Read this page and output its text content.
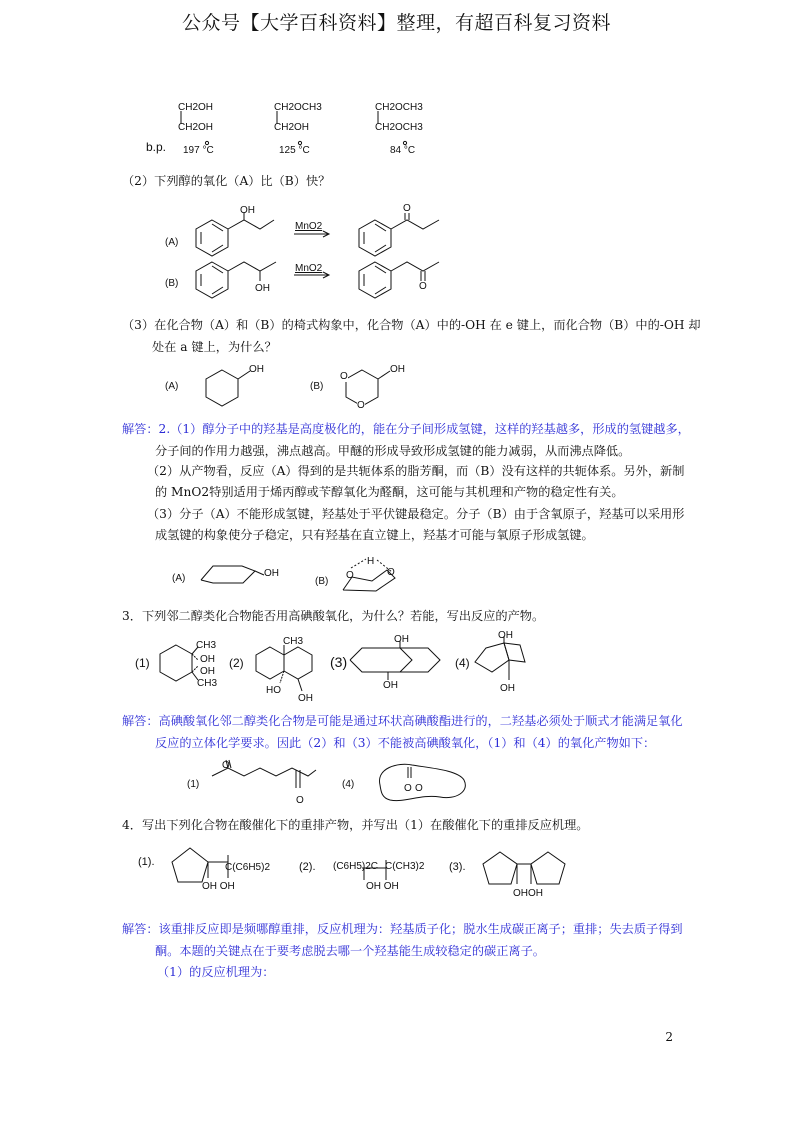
公众号【大学百科资料】整理，有超百科复习资料
b.p.
CH2OH
CH2OH
197 °C
CH2OCH3
CH2OH
125 °C
CH2OCH3
CH2OCH3
84 °C
（2）下列醇的氧化（A）比（B）快？
(A)
(B)
OH
OH
MnO2
MnO2
O
O
（3）在化合物（A）和（B）的椅式构象中，化合物（A）中的-OH 在 e 键上，而化合物（B）中的-OH 却
处在 a 键上，为什么？
(A)	(B)
OH	OH
O
O
解答：2.（1）醇分子中的羟基是高度极化的，能在分子间形成氢键，这样的羟基越多，形成的氢键越多，
分子间的作用力越强，沸点越高。甲醚的形成导致形成氢键的能力减弱，从而沸点降低。
（2）从产物看，反应（A）得到的是共轭体系的脂芳酮，而（B）没有这样的共轭体系。另外，新制
的 MnO2特别适用于烯丙醇或苄醇氧化为醛酮，这可能与其机理和产物的稳定性有关。
（3）分子（A）不能形成氢键，羟基处于平伏键最稳定。分子（B）由于含氧原子，羟基可以采用形
成氢键的构象使分子稳定，只有羟基在直立键上，羟基才可能与氧原子形成氢键。
(A)	OH
(B)
H
O	O
3．下列邻二醇类化合物能否用高碘酸氧化，为什么？若能，写出反应的产物。
(1)
CH3
OH
OH
CH3
(2)
CH3
HO
OH
(3)
OH
OH
(4)
OH
OH
解答：高碘酸氧化邻二醇类化合物是可能是通过环状高碘酸酯进行的，二羟基必须处于顺式才能满足氧化
反应的立体化学要求。因此（2）和（3）不能被高碘酸氧化，（1）和（4）的氧化产物如下：
(1)
O
O
(4)	O O
4．写出下列化合物在酸催化下的重排产物，并写出（1）在酸催化下的重排反应机理。
(1).	C(C6H5)2
OH OH
(2). (C6H5)2C C(CH3)2
OH OH
(3).
OHOH
解答：该重排反应即是频哪醇重排，反应机理为：羟基质子化；脱水生成碳正离子；重排；失去质子得到
酮。本题的关键点在于要考虑脱去哪一个羟基能生成较稳定的碳正离子。
（1）的反应机理为：
2
